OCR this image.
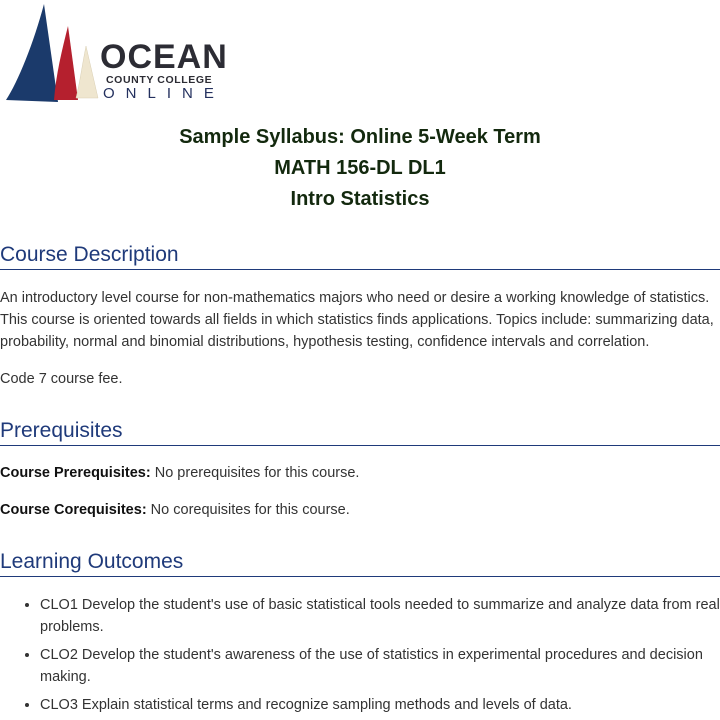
OCEAN
COUNTY COLLEGE
ONLINE
Sample Syllabus: Online 5-Week Term
MATH 156-DL DL1
Intro Statistics
Course Description
An introductory level course for non-mathematics majors who need or desire a working knowledge of statistics. This course is oriented towards all fields in which statistics finds applications. Topics include: summarizing data, probability, normal and binomial distributions, hypothesis testing, confidence intervals and correlation.
Code 7 course fee.
Prerequisites
Course Prerequisites: No prerequisites for this course.
Course Corequisites: No corequisites for this course.
Learning Outcomes
• CLO1 Develop the student's use of basic statistical tools needed to summarize and analyze data from real problems.
• CLO2 Develop the student's awareness of the use of statistics in experimental procedures and decision making.
• CLO3 Explain statistical terms and recognize sampling methods and levels of data.
